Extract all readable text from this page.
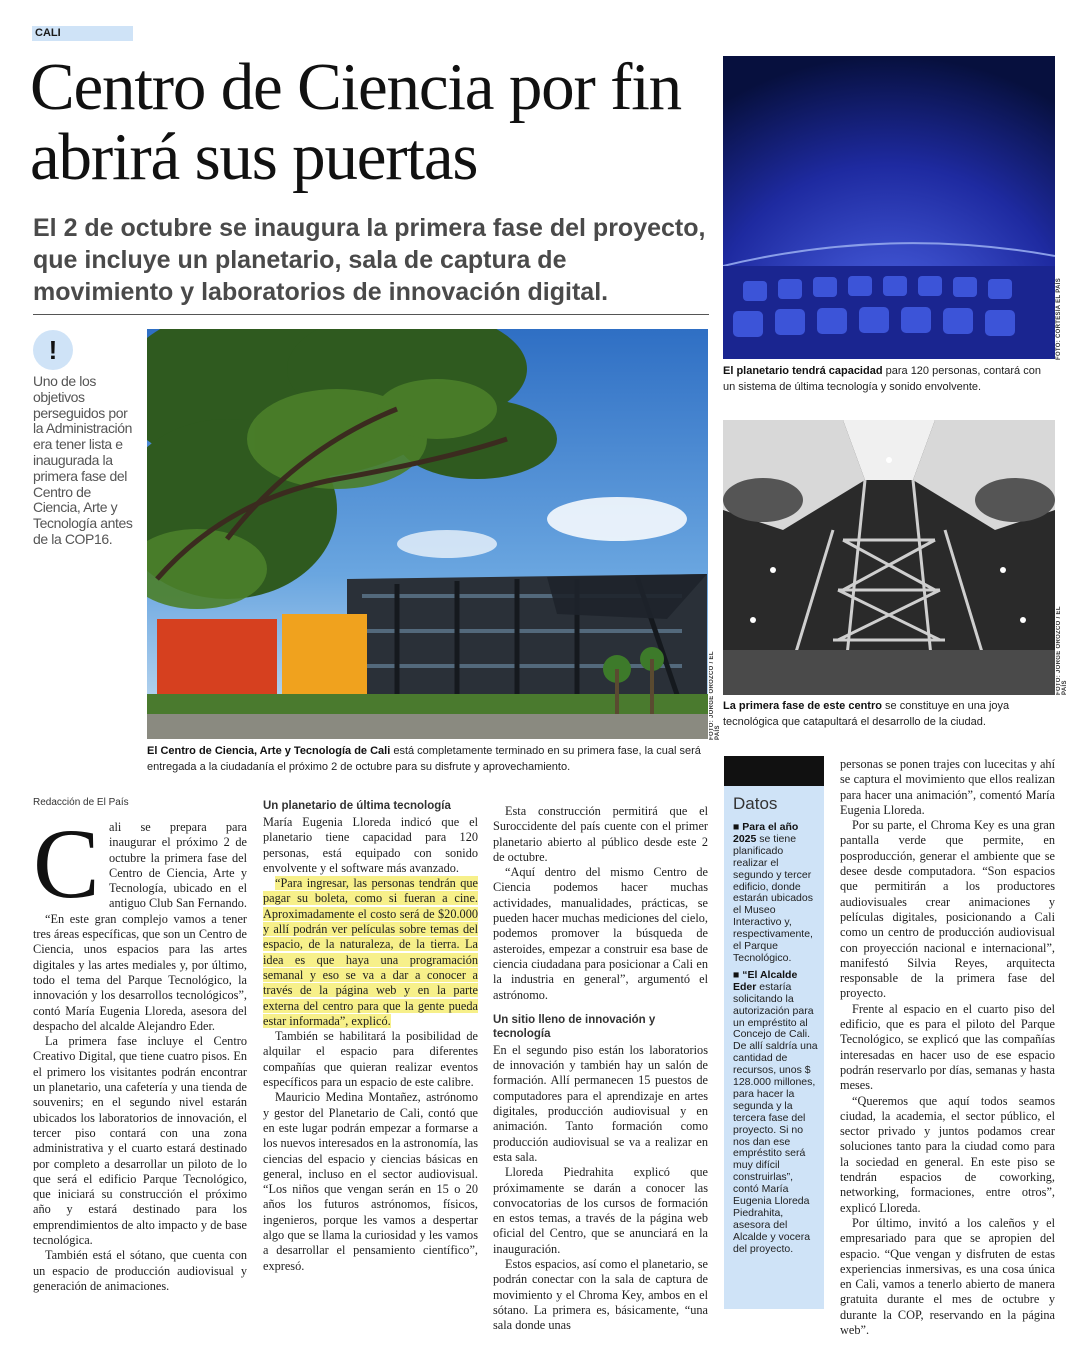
CALI
Centro de Ciencia por fin abrirá sus puertas
El 2 de octubre se inaugura la primera fase del proyecto, que incluye un planetario, sala de captura de movimiento y laboratorios de innovación digital.
!
Uno de los objetivos perseguidos por la Administración era tener lista e inaugurada la primera fase del Centro de Ciencia, Arte y Tecnología antes de la COP16.
FOTO: JORGE OROZCO / EL PAÍS
El Centro de Ciencia, Arte y Tecnología de Cali está completamente terminado en su primera fase, la cual será entregada a la ciudadanía el próximo 2 de octubre para su disfrute y aprovechamiento.
FOTO: CORTESÍA EL PAÍS
El planetario tendrá capacidad para 120 personas, contará con un sistema de última tecnología y sonido envolvente.
FOTO: JORGE OROZCO / EL PAÍS
La primera fase de este centro se constituye en una joya tecnológica que catapultará el desarrollo de la ciudad.
Redacción de El País
C ali se prepara para inaugurar el próximo 2 de octubre la primera fase del Centro de Ciencia, Arte y Tecnología, ubicado en el antiguo Club San Fernando.

“En este gran complejo vamos a tener tres áreas específicas, que son un Centro de Ciencia, unos espacios para las artes digitales y las artes mediales y, por último, todo el tema del Parque Tecnológico, la innovación y los desarrollos tecnológicos”, contó María Eugenia Lloreda, asesora del despacho del alcalde Alejandro Eder.

La primera fase incluye el Centro Creativo Digital, que tiene cuatro pisos. En el primero los visitantes podrán encontrar un planetario, una cafetería y una tienda de souvenirs; en el segundo nivel estarán ubicados los laboratorios de innovación, el tercer piso contará con una zona administrativa y el cuarto estará destinado por completo a desarrollar un piloto de lo que será el edificio Parque Tecnológico, que iniciará su construcción el próximo año y estará destinado para los emprendimientos de alto impacto y de base tecnológica.

También está el sótano, que cuenta con un espacio de producción audiovisual y generación de animaciones.

Un planetario de última tecnología

María Eugenia Lloreda indicó que el planetario tiene capacidad para 120 personas, está equipado con sonido envolvente y el software más avanzado.

“Para ingresar, las personas tendrán que pagar su boleta, como si fueran a cine. Aproximadamente el costo será de $20.000 y allí podrán ver películas sobre temas del espacio, de la naturaleza, de la tierra. La idea es que haya una programación semanal y eso se va a dar a conocer a través de la página web y en la parte externa del centro para que la gente pueda estar informada”, explicó.

También se habilitará la posibilidad de alquilar el espacio para diferentes compañías que quieran realizar eventos específicos para un espacio de este calibre.

Mauricio Medina Montañez, astrónomo y gestor del Planetario de Cali, contó que en este lugar podrán empezar a formarse a los nuevos interesados en la astronomía, las ciencias del espacio y ciencias básicas en general, incluso en el sector audiovisual. “Los niños que vengan serán en 15 o 20 años los futuros astrónomos, físicos, ingenieros, porque les vamos a despertar algo que se llama la curiosidad y les vamos a desarrollar el pensamiento científico”, expresó.

Esta construcción permitirá que el Suroccidente del país cuente con el primer planetario abierto al público desde este 2 de octubre.

“Aquí dentro del mismo Centro de Ciencia podemos hacer muchas actividades, manualidades, prácticas, se pueden hacer muchas mediciones del cielo, podemos promover la búsqueda de asteroides, empezar a construir esa base de ciencia ciudadana para posicionar a Cali en la industria en general”, argumentó el astrónomo.

Un sitio lleno de innovación y tecnología

En el segundo piso están los laboratorios de innovación y también hay un salón de formación. Allí permanecen 15 puestos de computadores para el aprendizaje en artes digitales, producción audiovisual y en animación. Tanto formación como producción audiovisual se va a realizar en esta sala.

Lloreda Piedrahita explicó que próximamente se darán a conocer las convocatorias de los cursos de formación en estos temas, a través de la página web oficial del Centro, que se anunciará en la inauguración.

Estos espacios, así como el planetario, se podrán conectar con la sala de captura de movimiento y el Chroma Key, ambos en el sótano. La primera es, básicamente, “una sala donde unas

Datos
■ Para el año 2025 se tiene planificado realizar el segundo y tercer edificio, donde estarán ubicados el Museo Interactivo y, respectivamente, el Parque Tecnológico.
■ “El Alcalde Eder estaría solicitando la autorización para un empréstito al Concejo de Cali. De allí saldría una cantidad de recursos, unos $ 128.000 millones, para hacer la segunda y la tercera fase del proyecto. Si no nos dan ese empréstito será muy difícil construirlas”, contó María Eugenia Lloreda Piedrahita, asesora del Alcalde y vocera del proyecto.

personas se ponen trajes con lucecitas y ahí se captura el movimiento que ellos realizan para hacer una animación”, comentó María Eugenia Lloreda.

Por su parte, el Chroma Key es una gran pantalla verde que permite, en posproducción, generar el ambiente que se desee desde computadora. “Son espacios que permitirán a los productores audiovisuales crear animaciones y películas digitales, posicionando a Cali como un centro de producción audiovisual con proyección nacional e internacional”, manifestó Silvia Reyes, arquitecta responsable de la primera fase del proyecto.

Frente al espacio en el cuarto piso del edificio, que es para el piloto del Parque Tecnológico, se explicó que las compañías interesadas en hacer uso de ese espacio podrán reservarlo por días, semanas y hasta meses.

“Queremos que aquí todos seamos ciudad, la academia, el sector público, el sector privado y juntos podamos crear soluciones tanto para la ciudad como para la sociedad en general. En este piso se tendrán espacios de coworking, networking, formaciones, entre otros”, explicó Lloreda.

Por último, invitó a los caleños y el empresariado para que se apropien del espacio. “Que vengan y disfruten de estas experiencias inmersivas, es una cosa única en Cali, vamos a tenerlo abierto de manera gratuita durante el mes de octubre y durante la COP, reservando en la página web”.
